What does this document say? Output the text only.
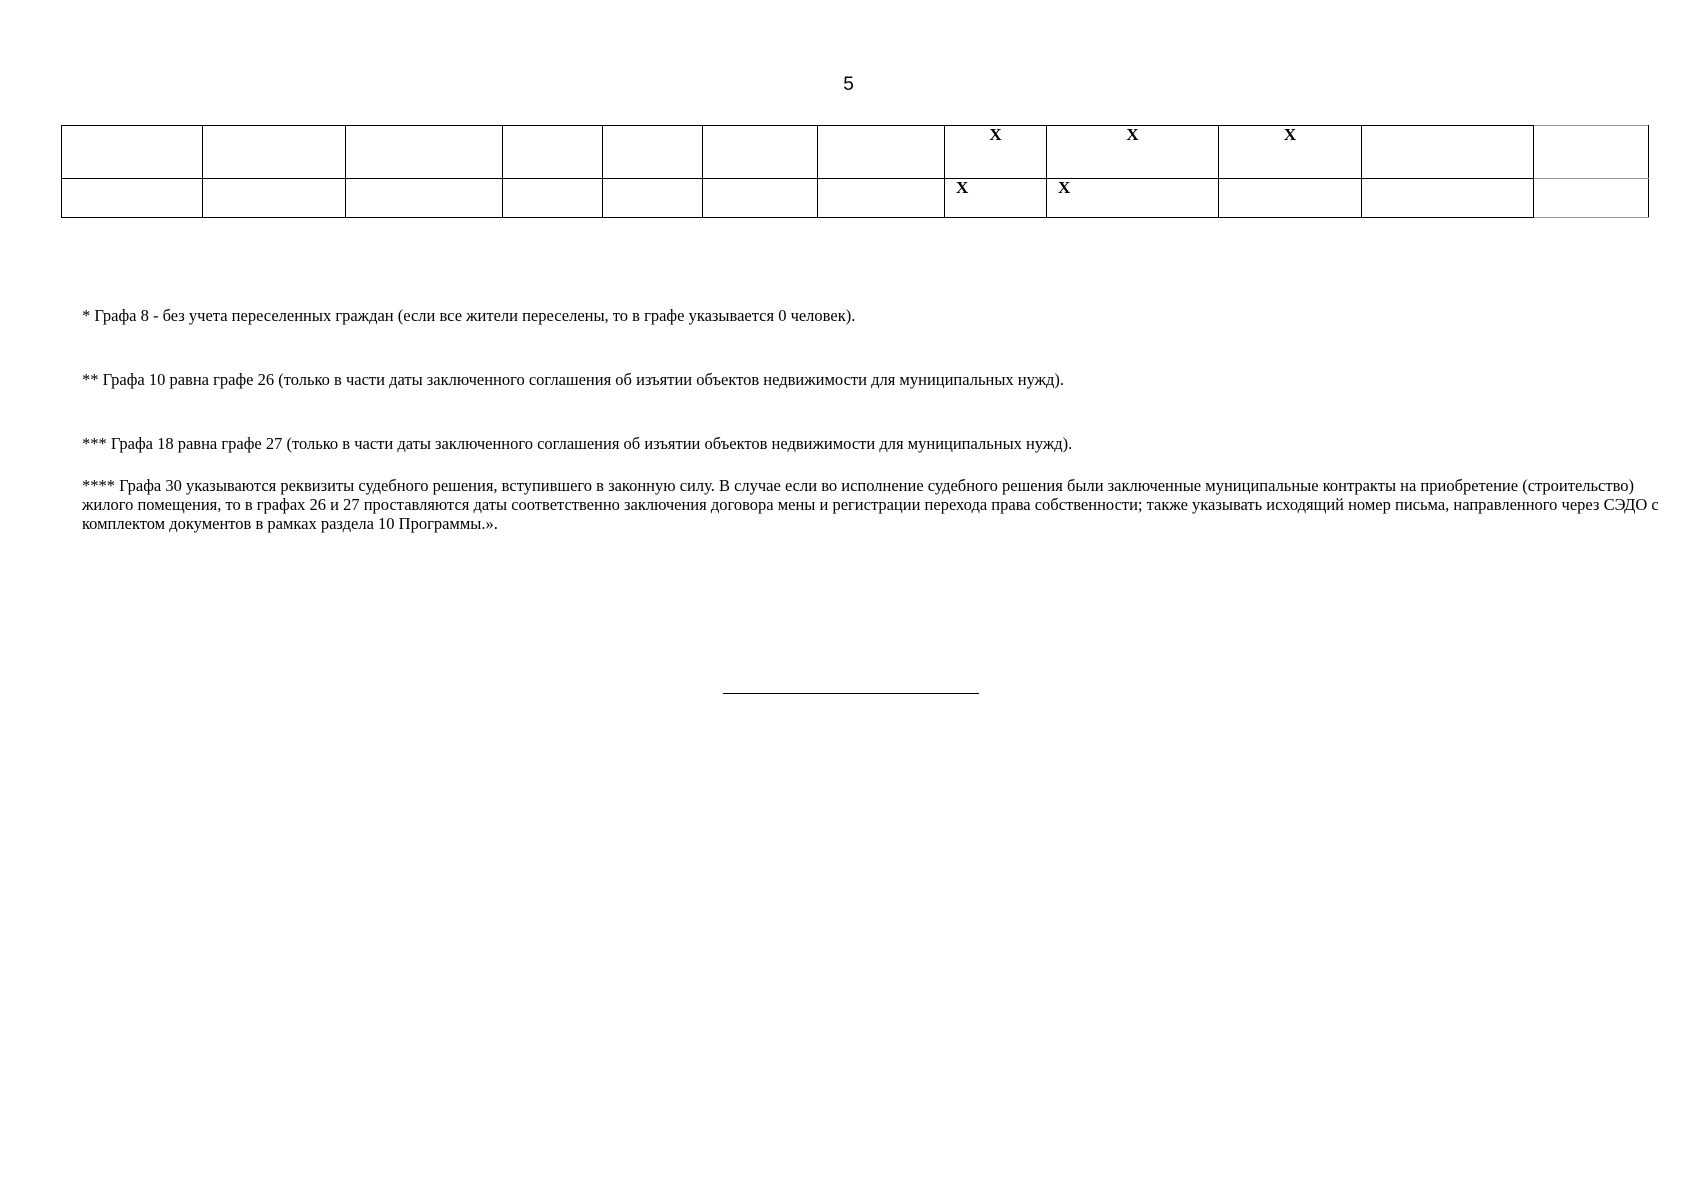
5
							X	X	X		
							X	X			

* Графа 8 - без учета переселенных граждан (если все жители переселены, то в графе указывается 0 человек).

** Графа 10 равна графе 26 (только в части даты заключенного соглашения об изъятии объектов недвижимости для муниципальных нужд).

*** Графа 18 равна графе 27 (только в части даты заключенного соглашения об изъятии объектов недвижимости для муниципальных нужд).

**** Графа 30 указываются реквизиты судебного решения, вступившего в законную силу. В случае если во исполнение судебного решения были заключенные муниципальные контракты на приобретение (строительство) жилого помещения, то в графах 26 и 27 проставляются даты соответственно заключения договора мены и регистрации перехода права собственности; также указывать исходящий номер письма, направленного через СЭДО с комплектом документов в рамках раздела 10 Программы.».
